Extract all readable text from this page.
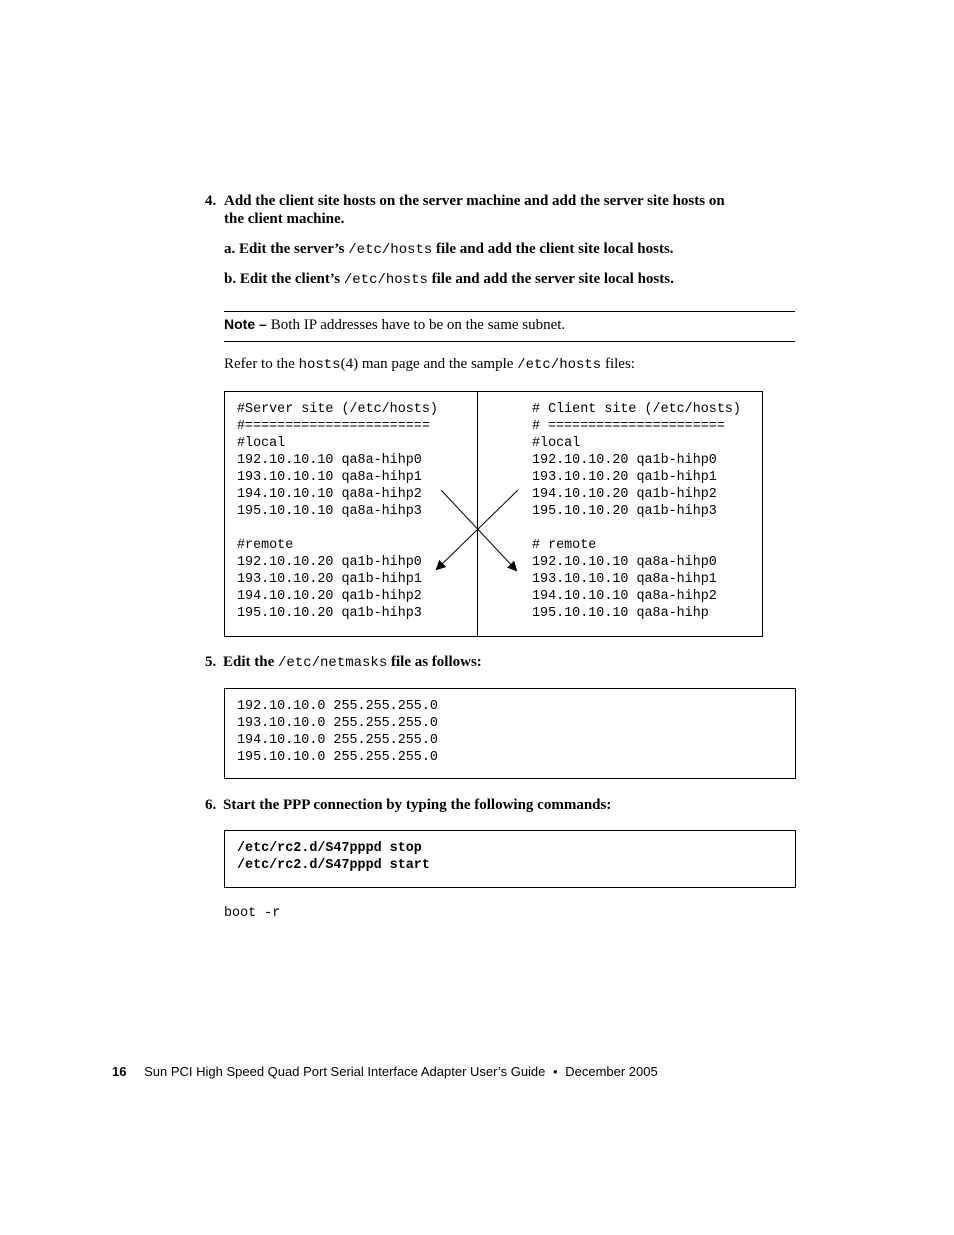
4. Add the client site hosts on the server machine and add the server site hosts on
the client machine.
a. Edit the server’s /etc/hosts file and add the client site local hosts.
b. Edit the client’s /etc/hosts file and add the server site local hosts.
Note – Both IP addresses have to be on the same subnet.
Refer to the hosts(4) man page and the sample /etc/hosts files:
#Server site (/etc/hosts)
#=======================
#local
192.10.10.10 qa8a-hihp0
193.10.10.10 qa8a-hihp1
194.10.10.10 qa8a-hihp2
195.10.10.10 qa8a-hihp3
#remote
192.10.10.20 qa1b-hihp0
193.10.10.20 qa1b-hihp1
194.10.10.20 qa1b-hihp2
195.10.10.20 qa1b-hihp3
# Client site (/etc/hosts)
# ======================
#local
192.10.10.20 qa1b-hihp0
193.10.10.20 qa1b-hihp1
194.10.10.20 qa1b-hihp2
195.10.10.20 qa1b-hihp3
# remote
192.10.10.10 qa8a-hihp0
193.10.10.10 qa8a-hihp1
194.10.10.10 qa8a-hihp2
195.10.10.10 qa8a-hihp
5. Edit the /etc/netmasks file as follows:
192.10.10.0 255.255.255.0
193.10.10.0 255.255.255.0
194.10.10.0 255.255.255.0
195.10.10.0 255.255.255.0
6. Start the PPP connection by typing the following commands:
/etc/rc2.d/S47pppd stop
/etc/rc2.d/S47pppd start
boot -r
16 Sun PCI High Speed Quad Port Serial Interface Adapter User’s Guide • December 2005
